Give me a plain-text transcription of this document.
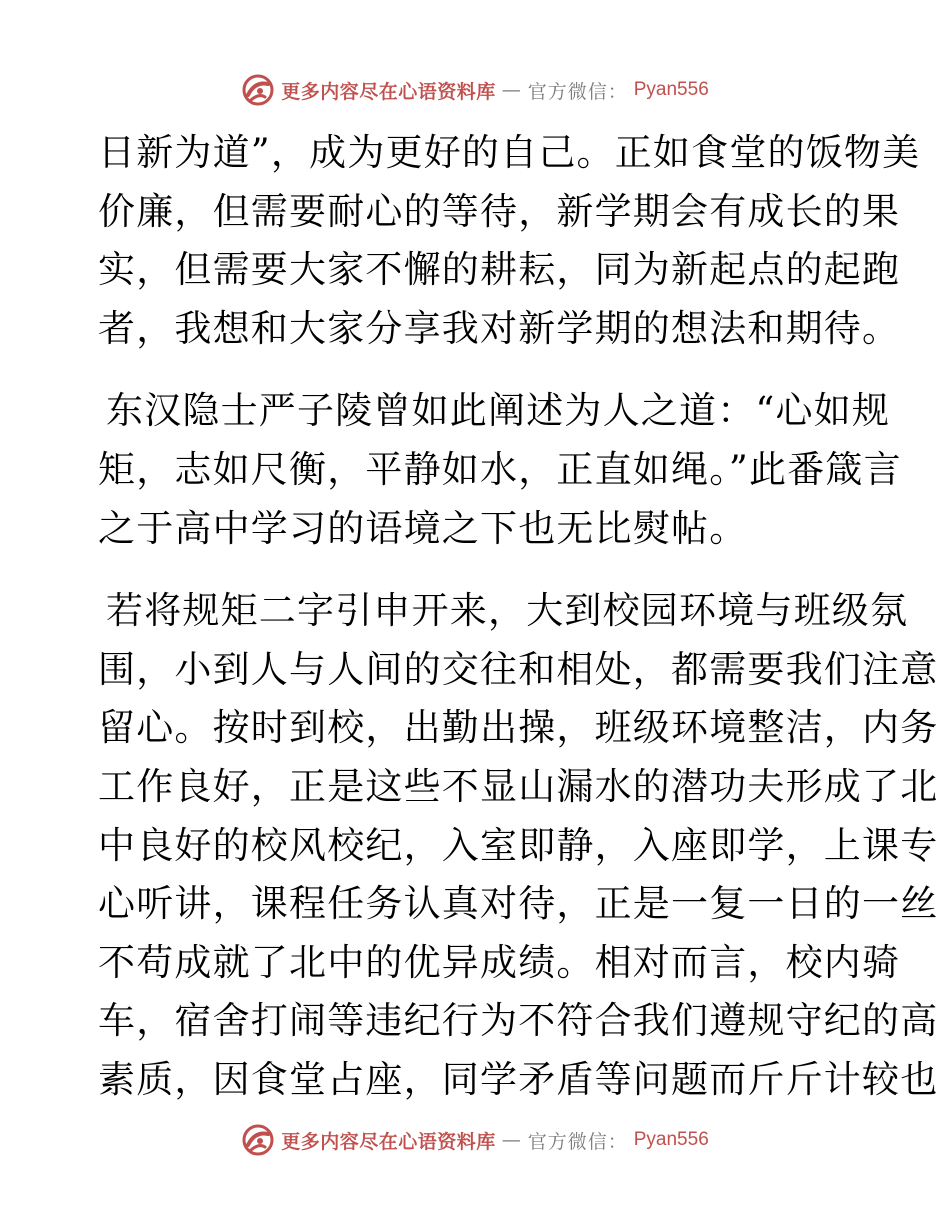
更多内容尽在心语资料库 — 官方微信： Pyan556
日新为道”，成为更好的自己。正如食堂的饭物美
价廉，但需要耐心的等待，新学期会有成长的果
实，但需要大家不懈的耕耘，同为新起点的起跑
者，我想和大家分享我对新学期的想法和期待。
东汉隐士严子陵曾如此阐述为人之道：“心如规
矩，志如尺衡，平静如水，正直如绳。”此番箴言
之于高中学习的语境之下也无比熨帖。
若将规矩二字引申开来，大到校园环境与班级氛
围，小到人与人间的交往和相处，都需要我们注意
留心。按时到校，出勤出操，班级环境整洁，内务
工作良好，正是这些不显山漏水的潜功夫形成了北
中良好的校风校纪，入室即静，入座即学，上课专
心听讲，课程任务认真对待，正是一复一日的一丝
不苟成就了北中的优异成绩。相对而言，校内骑
车，宿舍打闹等违纪行为不符合我们遵规守纪的高
素质，因食堂占座，同学矛盾等问题而斤斤计较也
更多内容尽在心语资料库 — 官方微信： Pyan556
